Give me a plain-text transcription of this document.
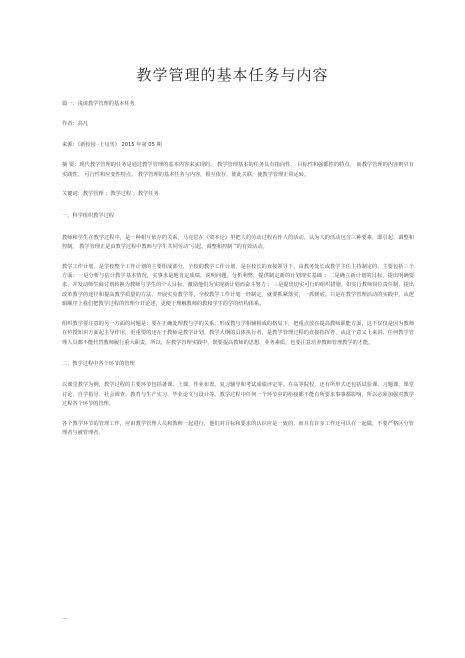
教学管理的基本任务与内容
篇一：浅谈教学管理的基本任务
作者：高凡
来源：《新校园 ·上旬刊》 2015 年第 05 期
摘 要：现代教学管理的任务是通过教学管理的基本内容来实现的。 教学管理基本的任务具有指向性、 目标性和强都性的特点。 而教学管理的内容则只有实践性、 可行性和应变性特点。 教学管理的基本任务与内容，相互依存，彼此关联，使教学管理正常运转。
关键词：教学管理 ；教学过程 ；教学任务
一、科学组织教学过程
教师和学生在教学过程中，是一种相互依存的关系，马克思在《资本论》里把人的劳动过程看作人的活动，认为人的活动包含三种要素，即引起、调整和控制。 教学管理正是由教学过程中教师与学生共同劳动“引起、调整和控制 ”的有效活动。
教学工作计划，是学校整个工作计划的主要组成部分，全校的教学工作计划，是在校长的直接领导下，由教务处长或教学主任主持制定的，主要包括三个方面：一是分析与估计教学基本情况，实事求是地肯定成绩，说明问题，分析利弊，提供制定新的计划现实基础 ；二是确立新计划的目标，提出明确要求，并发动师生商讨划转换为教师与学生的个人目标，激励他们为实现新计划而奋斗努力 ；三是提出切实可行的组织措施。如实行教师岗位责任制，提出改革教学的途径和提高教学质量的方法，开展实验教学等。全校教学工作计划一经制定，就要抓紧落实，一抓到底。只是在教学管理活动的实践中，从逻辑顺序上我们把教学过程的管理分开论述，更便于理解教师的教和学生的学的结构体系。
组织教学要注意的另一方面的问题是：要在正确处理教与学的关系，形成教与学相辅相成的格局下，把重点放在提高教师职能方面，这不仅仅是因为教师在传授知识方面起主导作用，更重要的还在于教师是教学计划、教学大纲的具体执行者，是教学管理过程的直接指挥者，从这个意义上来讲，任何教学管理人员都不能代替教师履行重大职责，所以，在教学管理实践中，既要提高教师的思想、业务素质，也要注意培养教师管理教学的才能。
二、教学过程中各个环节的管理
以课堂教学为例，教学过程的主要环节包括备课、上课、作业布置、复习辅导和考试成绩评定等。在高等院校，还有所形式还包括试验课、习题课、课堂讨论、自学指导、社会调查、教育与生产实习、毕业论文与设计等。教学过程中任何一个环节中的衔接都不能有所要求事事都影响，所以必须加强对教学过程各个环节的管理。
各个教学环节的管理工作，应由教学管理人员和教师一起进行，他们对目标和要求的认识应是一致的，而且有许多工作还可以在一起做，不要严格区分管理者与被管理者。
···
